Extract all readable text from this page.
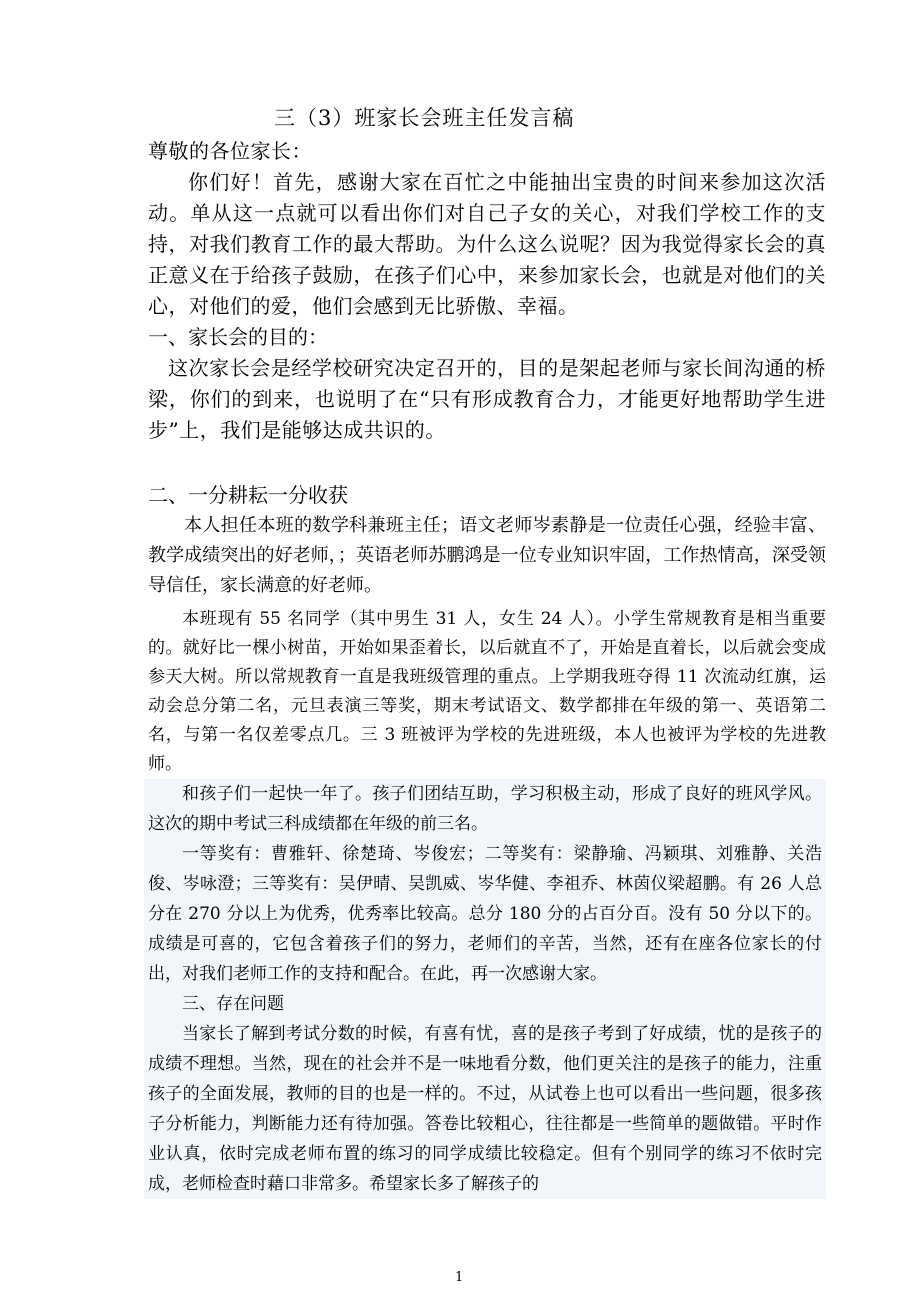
三（3）班家长会班主任发言稿

尊敬的各位家长：

你们好！首先，感谢大家在百忙之中能抽出宝贵的时间来参加这次活动。单从这一点就可以看出你们对自己子女的关心，对我们学校工作的支持，对我们教育工作的最大帮助。为什么这么说呢？因为我觉得家长会的真正意义在于给孩子鼓励，在孩子们心中，来参加家长会，也就是对他们的关心，对他们的爱，他们会感到无比骄傲、幸福。

一、家长会的目的：

这次家长会是经学校研究决定召开的，目的是架起老师与家长间沟通的桥梁，你们的到来，也说明了在“只有形成教育合力，才能更好地帮助学生进步”上，我们是能够达成共识的。

二、一分耕耘一分收获

本人担任本班的数学科兼班主任；语文老师岑素静是一位责任心强，经验丰富、教学成绩突出的好老师，；英语老师苏鹏鸿是一位专业知识牢固，工作热情高，深受领导信任，家长满意的好老师。

本班现有 55 名同学（其中男生 31 人，女生 24 人）。小学生常规教育是相当重要的。就好比一棵小树苗，开始如果歪着长，以后就直不了，开始是直着长，以后就会变成参天大树。所以常规教育一直是我班级管理的重点。上学期我班夺得 11 次流动红旗，运动会总分第二名，元旦表演三等奖，期末考试语文、数学都排在年级的第一、英语第二名，与第一名仅差零点几。三 3 班被评为学校的先进班级，本人也被评为学校的先进教师。

和孩子们一起快一年了。孩子们团结互助，学习积极主动，形成了良好的班风学风。这次的期中考试三科成绩都在年级的前三名。

一等奖有：曹雅轩、徐楚琦、岑俊宏；二等奖有：梁静瑜、冯颖琪、刘雅静、关浩俊、岑咏澄；三等奖有：吴伊晴、吴凯威、岑华健、李祖乔、林茵仪梁超鹏。有 26 人总分在 270 分以上为优秀，优秀率比较高。总分 180 分的占百分百。没有 50 分以下的。成绩是可喜的，它包含着孩子们的努力，老师们的辛苦，当然，还有在座各位家长的付出，对我们老师工作的支持和配合。在此，再一次感谢大家。

三、存在问题

当家长了解到考试分数的时候，有喜有忧，喜的是孩子考到了好成绩，忧的是孩子的成绩不理想。当然，现在的社会并不是一味地看分数，他们更关注的是孩子的能力，注重孩子的全面发展，教师的目的也是一样的。不过，从试卷上也可以看出一些问题，很多孩子分析能力，判断能力还有待加强。答卷比较粗心，往往都是一些简单的题做错。平时作业认真，依时完成老师布置的练习的同学成绩比较稳定。但有个别同学的练习不依时完成，老师检查时藉口非常多。希望家长多了解孩子的

1
